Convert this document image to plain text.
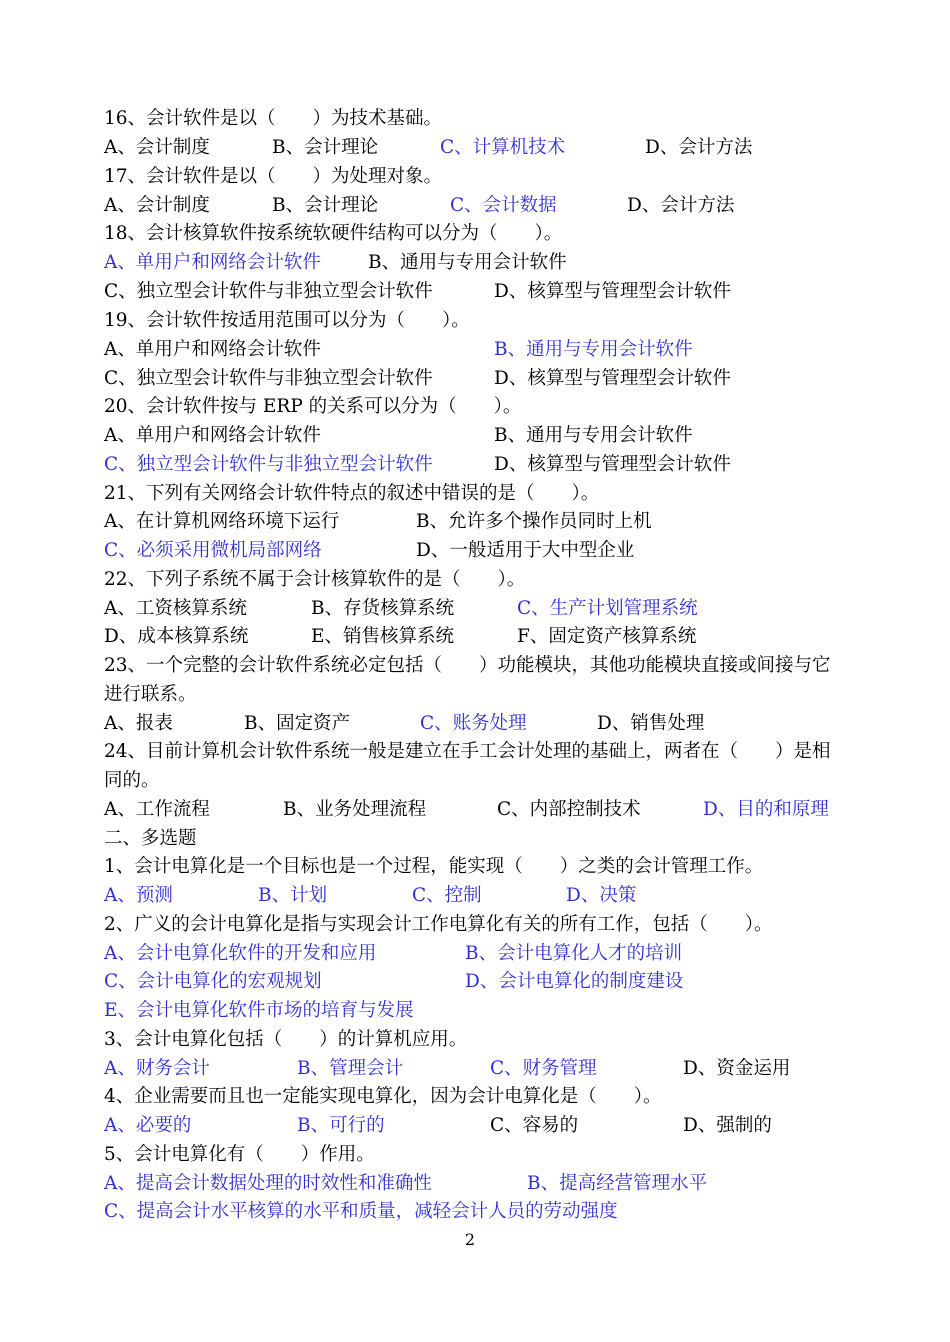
16、会计软件是以（　　）为技术基础。
A、会计制度	B、会计理论	C、计算机技术	D、会计方法
17、会计软件是以（　　）为处理对象。
A、会计制度	B、会计理论	C、会计数据	D、会计方法
18、会计核算软件按系统软硬件结构可以分为（　　）。
A、单用户和网络会计软件	B、通用与专用会计软件
C、独立型会计软件与非独立型会计软件	D、核算型与管理型会计软件
19、会计软件按适用范围可以分为（　　）。
A、单用户和网络会计软件	B、通用与专用会计软件
C、独立型会计软件与非独立型会计软件	D、核算型与管理型会计软件
20、会计软件按与 ERP 的关系可以分为（　　）。
A、单用户和网络会计软件	B、通用与专用会计软件
C、独立型会计软件与非独立型会计软件	D、核算型与管理型会计软件
21、下列有关网络会计软件特点的叙述中错误的是（　　）。
A、在计算机网络环境下运行	B、允许多个操作员同时上机
C、必须采用微机局部网络	D、一般适用于大中型企业
22、下列子系统不属于会计核算软件的是（　　）。
A、工资核算系统	B、存货核算系统	C、生产计划管理系统
D、成本核算系统	E、销售核算系统	F、固定资产核算系统
23、一个完整的会计软件系统必定包括（　　）功能模块，其他功能模块直接或间接与它
进行联系。
A、报表	B、固定资产	C、账务处理	D、销售处理
24、目前计算机会计软件系统一般是建立在手工会计处理的基础上，两者在（　　）是相
同的。
A、工作流程	B、业务处理流程	C、内部控制技术	D、目的和原理
二、多选题
1、会计电算化是一个目标也是一个过程，能实现（　　）之类的会计管理工作。
A、预测	B、计划	C、控制	D、决策
2、广义的会计电算化是指与实现会计工作电算化有关的所有工作，包括（　　）。
A、会计电算化软件的开发和应用	B、会计电算化人才的培训
C、会计电算化的宏观规划	D、会计电算化的制度建设
E、会计电算化软件市场的培育与发展
3、会计电算化包括（　　）的计算机应用。
A、财务会计	B、管理会计	C、财务管理	D、资金运用
4、企业需要而且也一定能实现电算化，因为会计电算化是（　　）。
A、必要的	B、可行的	C、容易的	D、强制的
5、会计电算化有（　　）作用。
A、提高会计数据处理的时效性和准确性	B、提高经营管理水平
C、提高会计水平核算的水平和质量，减轻会计人员的劳动强度
2
